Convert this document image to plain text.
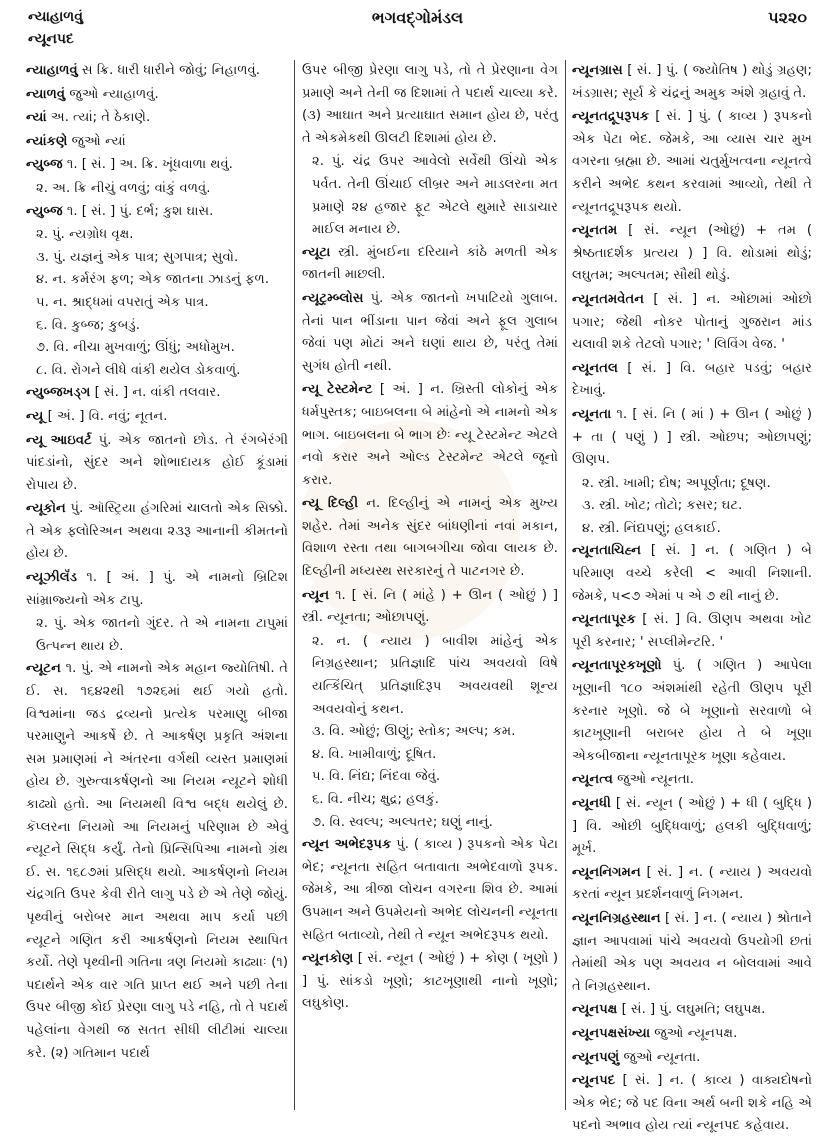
ન્યાહાળવું
ન્યૂનપદ
ભગવદ્ગોમંડલ	૫૨૨૦
ન્યાહાળવું સ ક્રિ. ધારી ધારીને જોવું; નિહાળવું.
ન્યાળવું જુઓ ન્યાહાળવું.
ન્યાં અ. ત્યાં; તે ઠેકાણે.
ન્યાંકણે જુઓ ન્યાં
ન્યુબ્જ ૧. [ સં. ] અ. ક્રિ. ખૂંધવાળા થવું.
૨. અ. ક્રિ નીચું વળવું; વાંકું વળવું.
ન્યુબ્જ ૧. [ સં. ] પું. દર્ભ; કુશ ઘાસ.
૨. પું. ન્યગ્રોધ વૃક્ષ.
૩. પું. યજ્ઞનું એક પાત્ર; સુગપાત્ર; સુવો.
૪. ન. કર્મરંગ ફળ; એક જાતના ઝાડનું ફળ.
૫. ન. શ્રાદ્ધમાં વપરાતું એક પાત્ર.
૬. વિ. કુબ્જ; કુબડું.
૭. વિ. નીચા મુખવાળું; ઊંધું; અધોમુખ.
૮. વિ. રોગને લીધે વાંકી થયેલ ડોકવાળું.
ન્યુબ્જખડ્ગ [ સં. ] ન. વાંકી તલવાર.
ન્યૂ [ અં. ] વિ. નવું; નૂતન.
ન્યૂ આઇવર્ટ પું. એક જાતનો છોડ. તે રંગબેરંગી પાંદડાંનો, સુંદર અને શોભાદાયક હોઈ કૂંડામાં રોપાય છે.
ન્યૂકોન પું. ઑસ્ટ્રિયા હંગરિમાં ચાલતો એક સિક્કો. તે એક ફ્લોરિઅન અથવા ૨૩રૂ આનાની કીમતનો હોય છે.
ન્યૂઝીલૅંડ ૧. [ અં. ] પું. એ નામનો બ્રિટિશ સાંમ્રાજ્યનો એક ટાપુ.
૨. પું. એક જાતનો ગુંદર. તે એ નામના ટાપુમાં ઉત્પન્ન થાય છે.
ન્યૂટન ૧. પું. એ નામનો એક મહાન જ્યોતિષી. તે ઈ. સ. ૧૬૪૨થી ૧૭૨૬માં થઈ ગયો હતો. વિશ્વમાંના જડ દ્રવ્યનો પ્રત્યેક પરમાણુ બીજા પરમાણુને આકર્ષે છે. તે આકર્ષણ પ્રકૃતિ અંશના સમ પ્રમાણમાં ને અંતરના વર્ગથી વ્યસ્ત પ્રમાણમાં હોય છે. ગુરુત્વાકર્ષણનો આ નિયમ ન્યૂટને શોધી કાઢ્યો હતો. આ નિયમથી વિશ્વ બદ્ધ થયેલું છે. કૅપ્લરના નિયમો આ નિયમનું પરિણામ છે એવું ન્યૂટને સિદ્ધ કર્યું. તેનો પ્રિન્સિપિઆ નામનો ગ્રંથ ઈ. સ. ૧૬૮૭માં પ્રસિદ્ધ થયો. આકર્ષણનો નિયમ ચંદ્રગતિ ઉપર કેવી રીતે લાગુ પડે છે એ તેણે જોયું. પૃથ્વીનું બરોબર માન અથવા માપ કર્યા પછી ન્યૂટને ગણિત કરી આકર્ષણનો નિયમ સ્થાપિત કર્યો. તેણે પૃથ્વીની ગતિના ત્રણ નિયમો કાઢ્યાઃ (૧) પદાર્થને એક વાર ગતિ પ્રાપ્ત થઈ અને પછી તેના ઉપર બીજી કોઈ પ્રેરણા લાગુ પડે નહિ, તો તે પદાર્થ પહેલાંના વેગથી જ સતત સીધી લીટીમાં ચાલ્યા કરે. (૨) ગતિમાન પદાર્થ
ઉપર બીજી પ્રેરણા લાગુ પડે, તો તે પ્રેરણાના વેગ પ્રમાણે અને તેની જ દિશામાં તે પદાર્થ ચાલ્યા કરે. (૩) આઘાત અને પ્રત્યાઘાત સમાન હોય છે, પરંતુ તે એકમેકથી ઊલટી દિશામાં હોય છે.
૨. પું. ચંદ્ર ઉપર આવેલો સર્વેથી ઊંચો એક પર્વત. તેની ઊંચાઈ લીબ્રર અને માડલરના મત પ્રમાણે ૨૪ હજાર ફૂટ એટલે થુમારે સાડાચાર માઈલ મનાય છે.
ન્યૂટા સ્ત્રી. મુંબઈના દરિયાને કાંઠે મળતી એક જાતની માછલી.
ન્યૂટ્રમ્બ્લોસ પું. એક જાતનો ખપાટિયો ગુલાબ. તેનાં પાન ભીંડાના પાન જેવાં અને ફૂલ ગુલાબ જેવાં પણ મોટાં અને ઘણાં થાય છે, પરંતુ તેમાં સુગંધ હોતી નથી.
ન્યૂ ટેસ્ટમેન્ટ [ અં. ] ન. ખ્રિસ્તી લોકોનું એક ધર્મપુસ્તક; બાઇબલના બે માંહેનો એ નામનો એક ભાગ. બાઇબલના બે ભાગ છેઃ ન્યૂ ટેસ્ટમેન્ટ એટલે નવો કરાર અને ઓલ્ડ ટેસ્ટમેન્ટ એટલે જૂનો કરાર.
ન્યૂ દિલ્હી ન. દિલ્હીનું એ નામનું એક મુખ્ય શહેર. તેમાં અનેક સુંદર બાંધણીનાં નવાં મકાન, વિશાળ રસ્તા તથા બાગબગીચા જોવા લાયક છે. દિલ્હીની મધ્યસ્થ સરકારનું તે પાટનગર છે.
ન્યૂન ૧. [ સં. નિ ( માંહે ) + ઊન ( ઓછું ) ] સ્ત્રી. ન્યૂનતા; ઓછાપણું.
૨. ન. ( ન્યાય ) બાવીશ માંહેનું એક નિગ્રહસ્થાન; પ્રતિજ્ઞાદિ પાંચ અવયવો વિષે યત્કિંચિત્ પ્રતિજ્ઞાદિરૂપ અવયવથી શૂન્ય અવયવોનું કથન.
૩. વિ. ઓછું; ઊણું; સ્તોક; અલ્પ; કમ.
૪. વિ. ખામીવાળું; દૂષિત.
૫. વિ. નિંદ્ય; નિંદવા જેવું.
૬. વિ. નીચ; ક્ષુદ્ર; હલકું.
૭. વિ. સ્વલ્પ; અલ્પતર; ઘણું નાનું.
ન્યૂન અભેદરૂપક પું. ( કાવ્ય ) રૂપકનો એક પેટા ભેદ; ન્યૂનતા સહિત બતાવાતા અભેદવાળો રૂપક. જેમકે, આ ત્રીજા લોચન વગરના શિવ છે. આમાં ઉપમાન અને ઉપમેયનો અભેદ લોચનની ન્યૂનતા સહિત બતાવ્યો, તેથી તે ન્યૂન અભેદરૂપક થયો.
ન્યૂનકોણ [ સં. ન્યૂન ( ઓછું ) + કોણ ( ખૂણો ) ] પું. સાંકડો ખૂણો; કાટખૂણાથી નાનો ખૂણો; લઘુકોણ.
ન્યૂનગ્રાસ [ સં. ] પું. ( જ્યોતિષ ) થોડું ગ્રહણ; ખંડગ્રાસ; સૂર્ય કે ચંદ્રનું અમુક અંશે ગ્રહાવું તે.
ન્યૂનતદ્રૂપરૂપક [ સં. ] પું. ( કાવ્ય ) રૂપકનો એક પેટા ભેદ. જેમકે, આ વ્યાસ ચાર મુખ વગરના બ્રહ્મા છે. આમાં ચતુર્મુખત્વના ન્યૂનત્વે કરીને અભેદ કથન કરવામાં આવ્યો, તેથી તે ન્યૂનતદ્રૂપરૂપક થયો.
ન્યૂનતમ [ સં. ન્યૂન (ઓછું) + તમ ( શ્રેષ્ઠતાદર્શક પ્રત્યય ) ] વિ. થોડામાં થોડું; લઘુતમ; અલ્પતમ; સૌથી થોડું.
ન્યૂનતમવેતન [ સં. ] ન. ઓછામાં ઓછો પગાર; જેથી નોકર પોતાનું ગુજરાન માંડ ચલાવી શકે તેટલો પગાર; ' લિવિંગ વેજ. '
ન્યૂનતલ [ સં. ] વિ. બહાર પડવું; બહાર દેખાવું.
ન્યૂનતા ૧. [ સં. નિ ( માં ) + ઊન ( ઓછું ) + તા ( પણું ) ] સ્ત્રી. ઓછપ; ઓછાપણું; ઊણપ.
૨. સ્ત્રી. ખામી; દોષ; અપૂર્ણતા; દૂષણ.
૩. સ્ત્રી. ખોટ; તોટો; કસર; ઘટ.
૪. સ્ત્રી. નિંદ્યપણું; હલકાઈ.
ન્યૂનતાચિહ્ન [ સં. ] ન. ( ગણિત ) બે પરિમાણ વચ્ચે કરેલી < આવી નિશાની. જેમકે, ૫<૭ એમાં ૫ એ ૭ થી નાનું છે.
ન્યૂનતાપૂરક [ સં. ] વિ. ઊણપ અથવા ખોટ પૂરી કરનાર; ' સપ્લીમેન્ટરિ. '
ન્યૂનતાપૂરકખૂણો પું. ( ગણિત ) આપેલા ખૂણાની ૧૮૦ અંશમાંથી રહેતી ઊણપ પૂરી કરનાર ખૂણો. જે બે ખૂણાનો સરવાળો બે કાટખૂણાની બરાબર હોય તે બે ખૂણા એકબીજાના ન્યૂનતાપૂરક ખૂણા કહેવાય.
ન્યૂનત્વ જુઓ ન્યૂનતા.
ન્યૂનધી [ સં. ન્યૂન ( ઓછું ) + ધી ( બુદ્ધિ ) ] વિ. ઓછી બુદ્ધિવાળું; હલકી બુદ્ધિવાળું; મૂર્ખ.
ન્યૂનનિગમન [ સં. ] ન. ( ન્યાય ) અવયવો કરતાં ન્યૂન પ્રદર્શનવાળું નિગમન.
ન્યૂનનિગ્રહસ્થાન [ સં. ] ન. ( ન્યાય ) શ્રોતાને જ્ઞાન આપવામાં પાંચે અવયવો ઉપયોગી છતાં તેમાંથી એક પણ અવયવ ન બોલવામાં આવે તે નિગ્રહસ્થાન.
ન્યૂનપક્ષ [ સં. ] પું. લઘુમતિ; લઘુપક્ષ.
ન્યૂનપક્ષસંખ્યા જુઓ ન્યૂનપક્ષ.
ન્યૂનપણું જુઓ ન્યૂનતા.
ન્યૂનપદ [ સં. ] ન. ( કાવ્ય ) વાક્યદોષનો એક ભેદ; જે પદ વિના અર્થ બની શકે નહિ એ પદનો અભાવ હોય ત્યાં ન્યૂનપદ કહેવાય.
